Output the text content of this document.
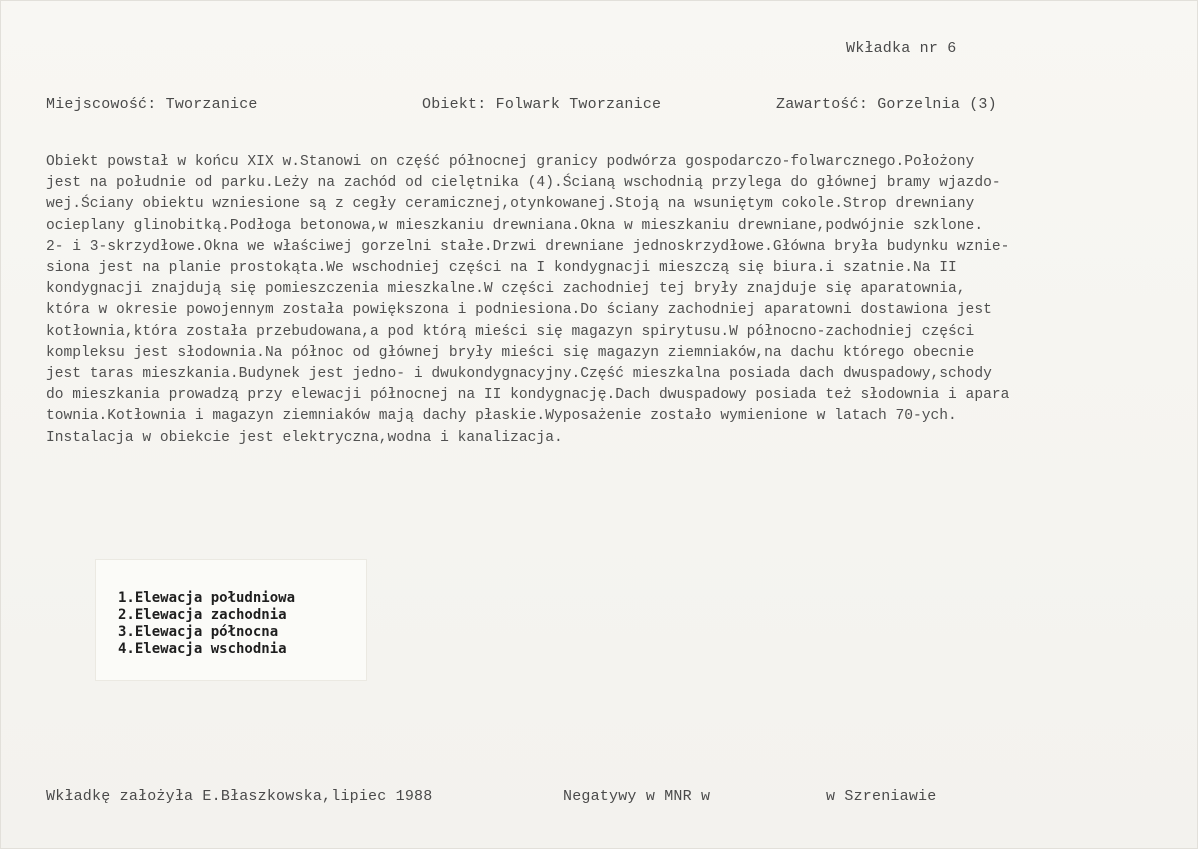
Wkładka nr 6
Miejscowość: Tworzanice	Obiekt: Folwark Tworzanice	Zawartość: Gorzelnia (3)
Obiekt powstał w końcu XIX w.Stanowi on część północnej granicy podwórza gospodarczo-folwarcznego.Położony
jest na południe od parku.Leży na zachód od cielętnika (4).Ścianą wschodnią przylega do głównej bramy wjazdo-
wej.Ściany obiektu wzniesione są z cegły ceramicznej,otynkowanej.Stoją na wsuniętym cokole.Strop drewniany
ocieplany glinobitką.Podłoga betonowa,w mieszkaniu drewniana.Okna w mieszkaniu drewniane,podwójnie szklone.
2- i 3-skrzydłowe.Okna we właściwej gorzelni stałe.Drzwi drewniane jednoskrzydłowe.Główna bryła budynku wznie-
siona jest na planie prostokąta.We wschodniej części na I kondygnacji mieszczą się biura.i szatnie.Na II
kondygnacji znajdują się pomieszczenia mieszkalne.W części zachodniej tej bryły znajduje się aparatownia,
która w okresie powojennym została powiększona i podniesiona.Do ściany zachodniej aparatowni dostawiona jest
kotłownia,która została przebudowana,a pod którą mieści się magazyn spirytusu.W północno-zachodniej części
kompleksu jest słodownia.Na północ od głównej bryły mieści się magazyn ziemniaków,na dachu którego obecnie
jest taras mieszkania.Budynek jest jedno- i dwukondygnacyjny.Część mieszkalna posiada dach dwuspadowy,schody
do mieszkania prowadzą przy elewacji północnej na II kondygnację.Dach dwuspadowy posiada też słodownia i apara
townia.Kotłownia i magazyn ziemniaków mają dachy płaskie.Wyposażenie zostało wymienione w latach 70-ych.
Instalacja w obiekcie jest elektryczna,wodna i kanalizacja.
1.Elewacja południowa
2.Elewacja zachodnia
3.Elewacja północna
4.Elewacja wschodnia
Wkładkę założyła E.Błaszkowska,lipiec 1988	Negatywy w MNR w	w Szreniawie
